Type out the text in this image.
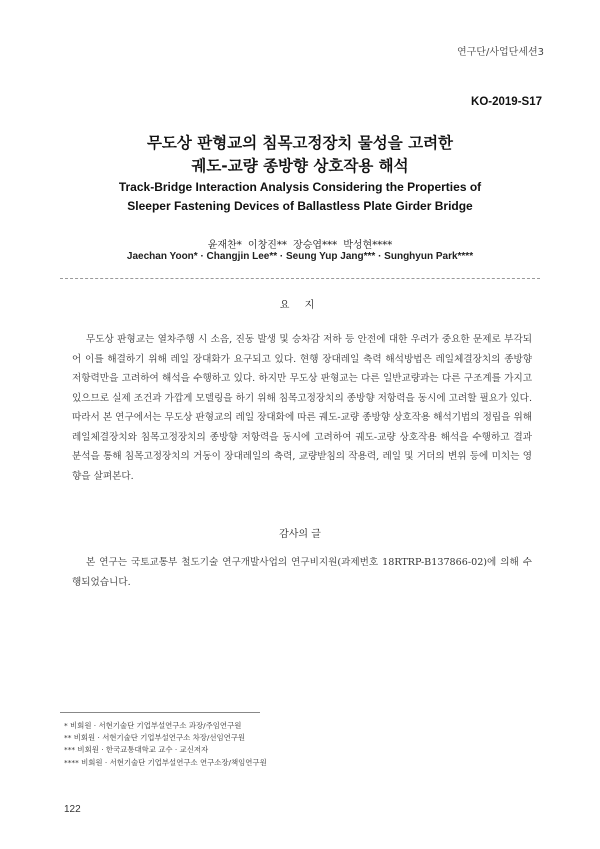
연구단/사업단세션3
KO-2019-S17
무도상 판형교의 침목고정장치 물성을 고려한
궤도-교량 종방향 상호작용 해석
Track-Bridge Interaction Analysis Considering the Properties of
Sleeper Fastening Devices of Ballastless Plate Girder Bridge
윤재찬* 이창진** 장승엽*** 박성현****
Jaechan Yoon* · Changjin Lee** · Seung Yup Jang*** · Sunghyun Park****
요 지

무도상 판형교는 열차주행 시 소음, 진동 발생 및 승차감 저하 등 안전에 대한 우려가 중요한 문제로 부각되어 이를 해결하기 위해 레일 장대화가 요구되고 있다. 현행 장대레일 축력 해석방법은 레일체결장치의 종방향 저항력만을 고려하여 해석을 수행하고 있다. 하지만 무도상 판형교는 다른 일반교량과는 다른 구조계를 가지고 있으므로 실제 조건과 가깝게 모델링을 하기 위해 침목고정장치의 종방향 저항력을 동시에 고려할 필요가 있다. 따라서 본 연구에서는 무도상 판형교의 레일 장대화에 따른 궤도-교량 종방향 상호작용 해석기법의 정립을 위해 레일체결장치와 침목고정장치의 종방향 저항력을 동시에 고려하여 궤도-교량 상호작용 해석을 수행하고 결과 분석을 통해 침목고정장치의 거동이 장대레일의 축력, 교량받침의 작용력, 레일 및 거더의 변위 등에 미치는 영향을 살펴본다.

감사의 글

본 연구는 국토교통부 철도기술 연구개발사업의 연구비지원(과제번호 18RTRP-B137866-02)에 의해 수행되었습니다.

* 비회원 · 서현기술단 기업부설연구소 과장/주임연구원
** 비회원 · 서현기술단 기업부설연구소 차장/선임연구원
*** 비회원 · 한국교통대학교 교수 · 교신저자
**** 비회원 · 서현기술단 기업부설연구소 연구소장/책임연구원
122
